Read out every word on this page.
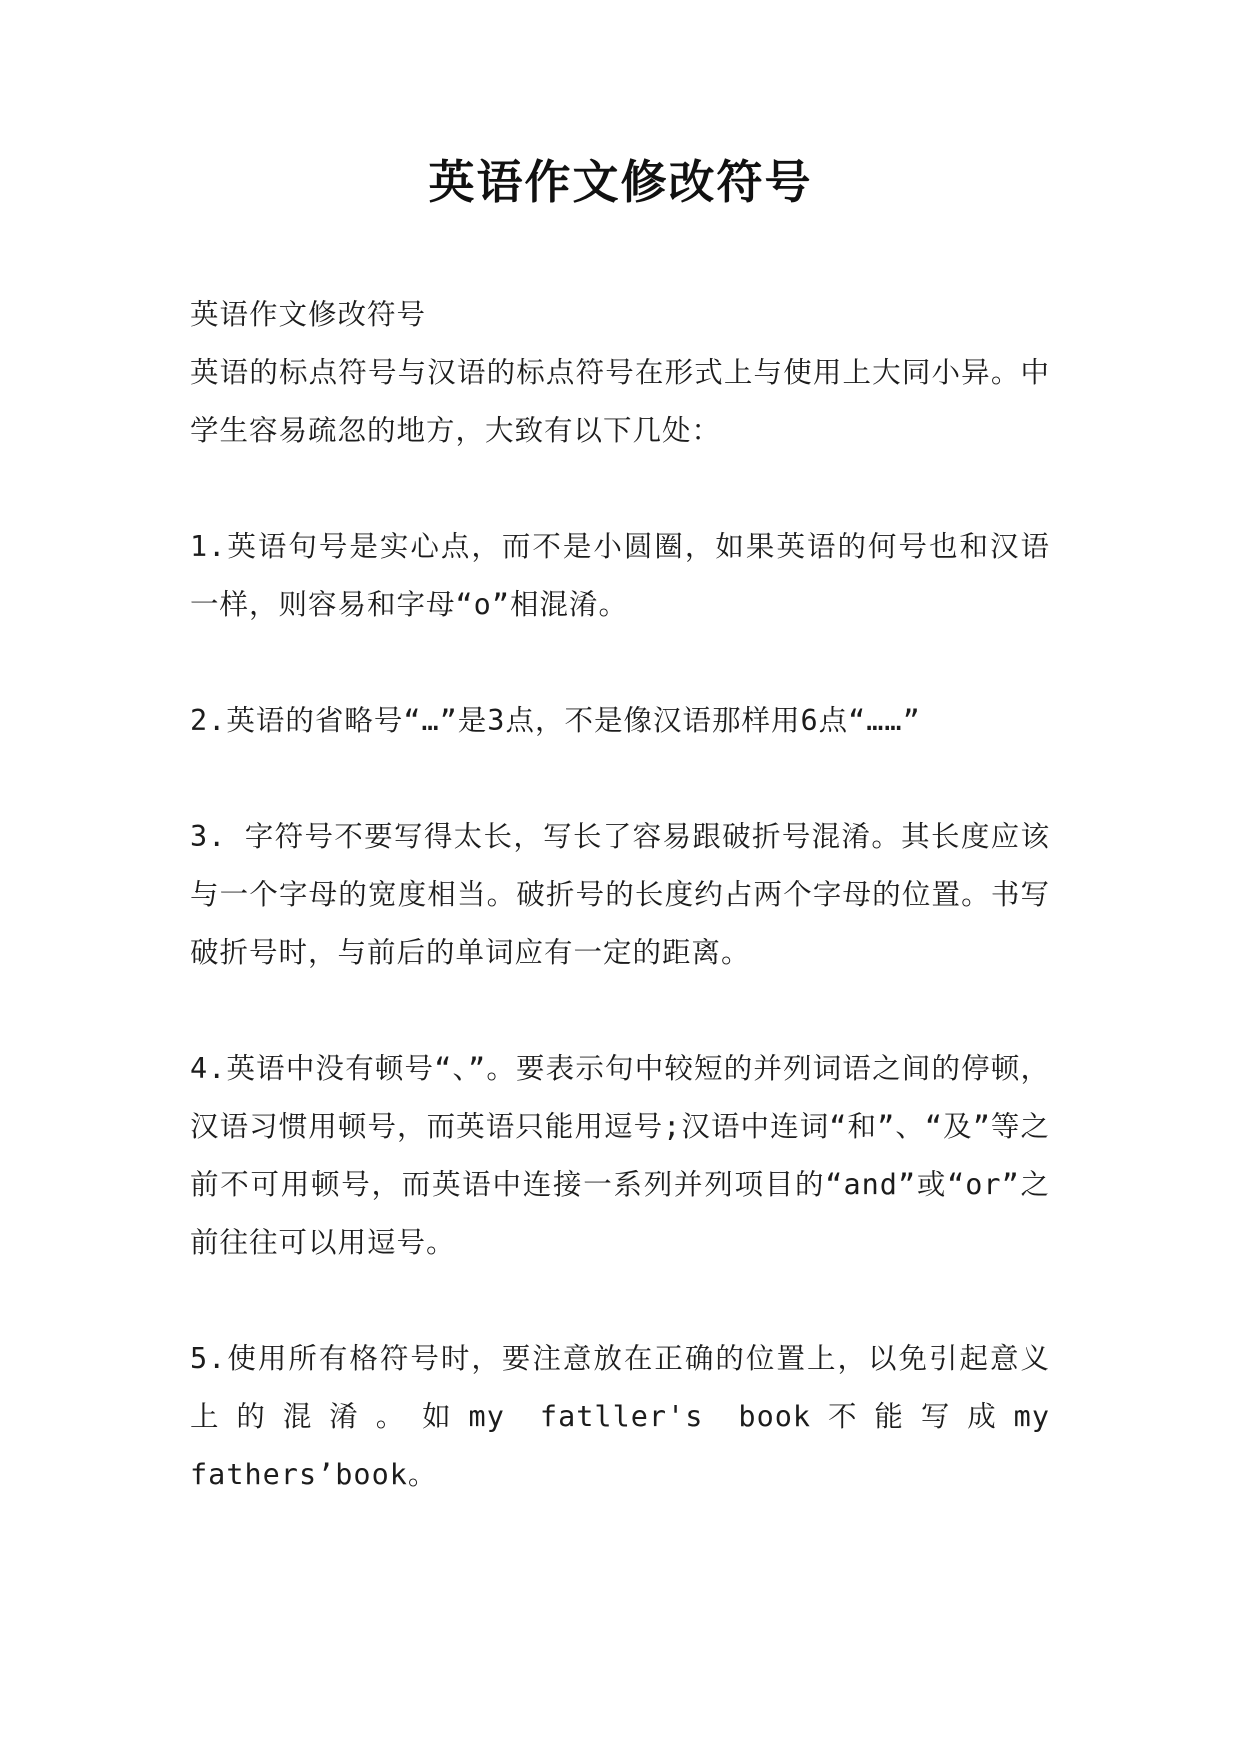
英语作文修改符号

英语作文修改符号

英语的标点符号与汉语的标点符号在形式上与使用上大同小异。中学生容易疏忽的地方，大致有以下几处：

1.英语句号是实心点，而不是小圆圈，如果英语的何号也和汉语一样，则容易和字母“o”相混淆。

2.英语的省略号“…”是3点，不是像汉语那样用6点“……”

3. 字符号不要写得太长，写长了容易跟破折号混淆。其长度应该与一个字母的宽度相当。破折号的长度约占两个字母的位置。书写破折号时，与前后的单词应有一定的距离。

4.英语中没有顿号“、”。要表示句中较短的并列词语之间的停顿，汉语习惯用顿号，而英语只能用逗号;汉语中连词“和”、“及”等之前不可用顿号，而英语中连接一系列并列项目的“and”或“or”之前往往可以用逗号。

5.使用所有格符号时，要注意放在正确的位置上，以免引起意义上的混淆。如my fatller's book不能写成my fathers’book。
